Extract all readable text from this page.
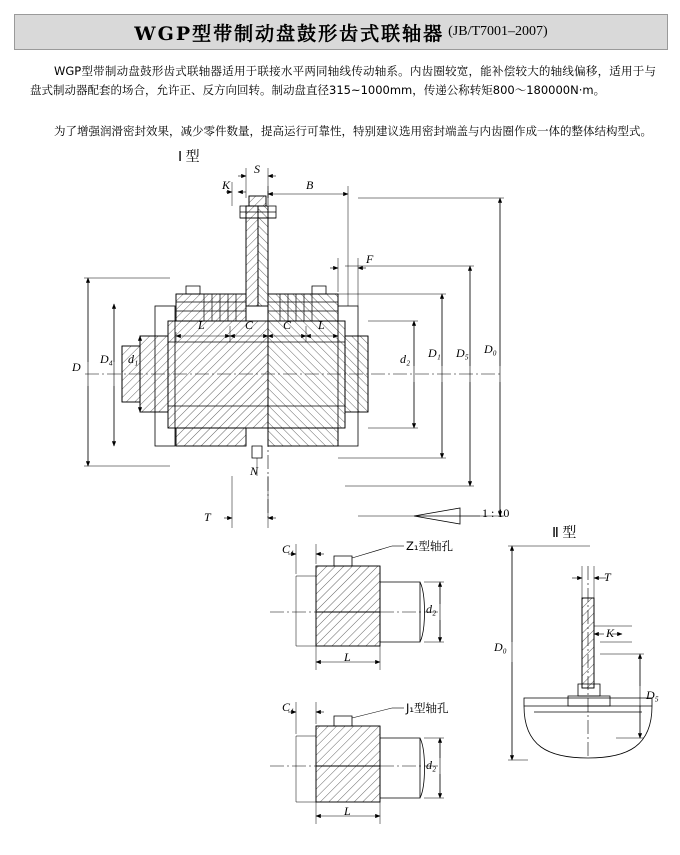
WGP型带制动盘鼓形齿式联轴器 (JB/T7001–2007)
WGP型带制动盘鼓形齿式联轴器适用于联接水平两同轴线传动轴系。内齿圈较宽，能补偿较大的轴线偏移，适用于与盘式制动器配套的场合，允许正、反方向回转。制动盘直径315~1000mm，传递公称转矩800～180000N·m。
为了增强润滑密封效果，减少零件数量，提高运行可靠性，特别建议选用密封端盖与内齿圈作成一体的整体结构型式。
Ⅰ 型
Ⅱ 型
S
K	B
F
D
D₄ d₁
L	C C L
d₂ D₁ D₅ D₀
N
T	1 : 10
Z₁型轴孔
C₁
L
d₂
J₁型轴孔
C₁
L
d₂
T
K
D₀
D₅
